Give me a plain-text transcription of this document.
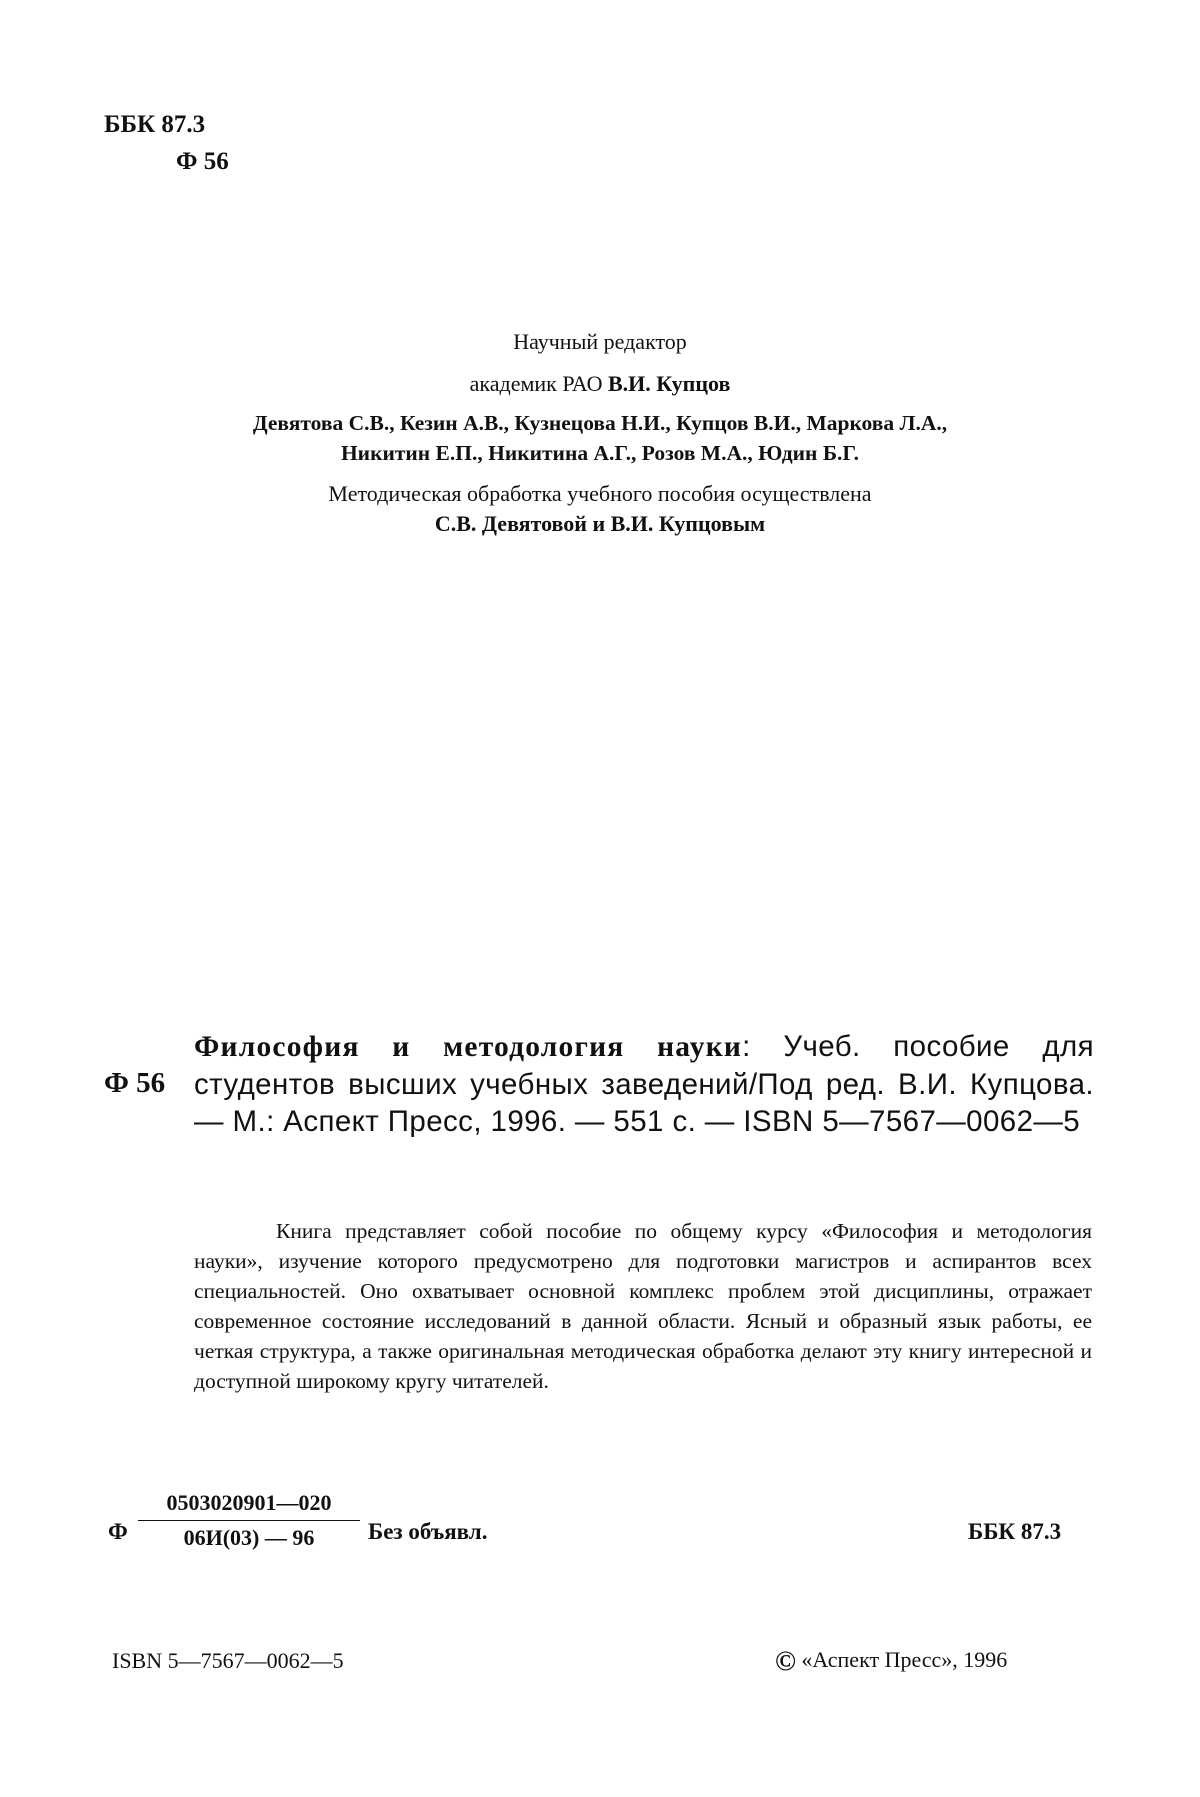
ББК 87.3
Ф 56
Научный редактор
академик РАО В.И. Купцов
Девятова С.В., Кезин А.В., Кузнецова Н.И., Купцов В.И., Маркова Л.А.,
Никитин Е.П., Никитина А.Г., Розов М.А., Юдин Б.Г.
Методическая обработка учебного пособия осуществлена
С.В. Девятовой и В.И. Купцовым
Ф 56
Философия и методология науки: Учеб. пособие для студентов высших учебных заведений/Под ред. В.И. Купцова. — М.: Аспект Пресс, 1996. — 551 с. — ISBN 5—7567—0062—5
Книга представляет собой пособие по общему курсу «Философия и методология науки», изучение которого предусмотрено для подготовки магистров и аспирантов всех специальностей. Оно охватывает основной комплекс проблем этой дисциплины, отражает современное состояние исследований в данной области. Ясный и образный язык работы, ее четкая структура, а также оригинальная методическая обработка делают эту книгу интересной и доступной широкому кругу читателей.
Ф
0503020901—020
06И(03) — 96	Без объявл.	ББК 87.3
ISBN 5—7567—0062—5	© «Аспект Пресс», 1996
